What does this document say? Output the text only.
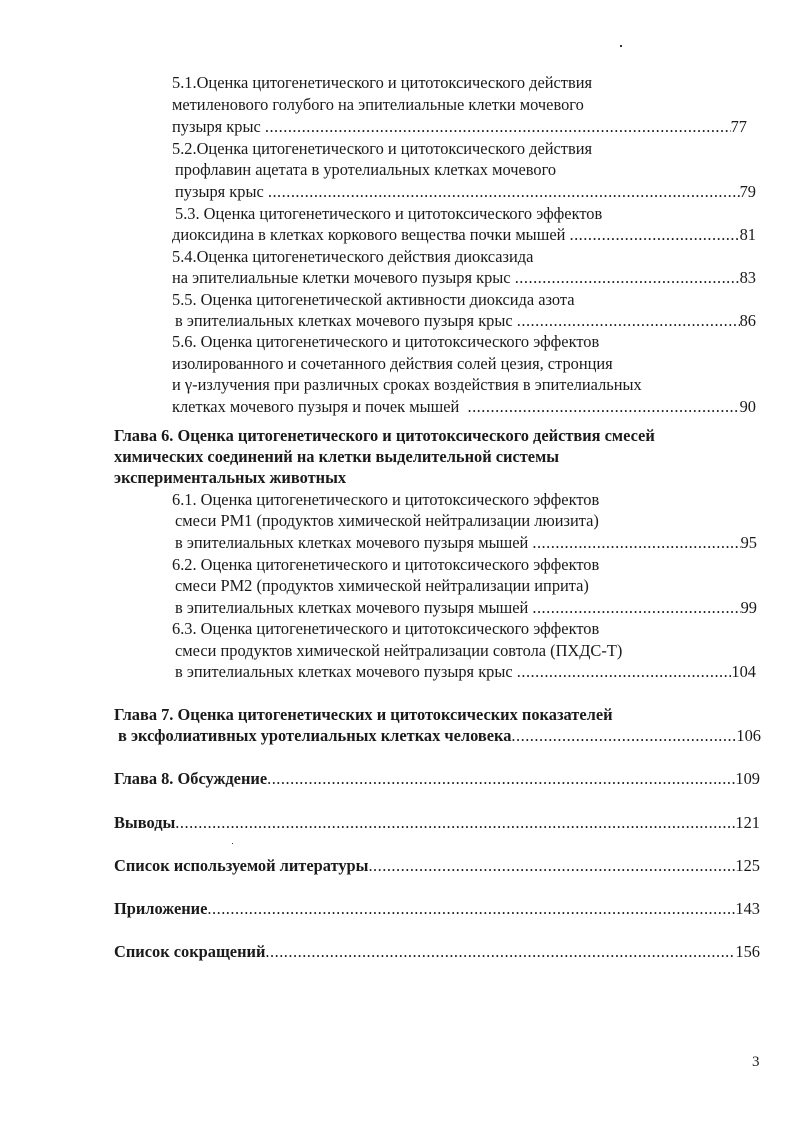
5.1.Оценка цитогенетического и цитотоксического действия
метиленового голубого на эпителиальные клетки мочевого
пузыря крыс .....	77
5.2.Оценка цитогенетического и цитотоксического действия
профлавин ацетата в уротелиальных клетках мочевого
пузыря крыс .....	79
5.3. Оценка цитогенетического и цитотоксического эффектов
диоксидина в клетках коркового вещества почки мышей .....	81
5.4.Оценка цитогенетического действия диоксазида
на эпителиальные клетки мочевого пузыря крыс .....	83
5.5. Оценка цитогенетической активности диоксида азота
в эпителиальных клетках мочевого пузыря крыс .....	86
5.6. Оценка цитогенетического и цитотоксического эффектов
изолированного и сочетанного действия солей цезия, стронция
и γ-излучения при различных сроках воздействия в эпителиальных
клетках мочевого пузыря и почек мышей .....	90
Глава 6. Оценка цитогенетического и цитотоксического действия смесей
химических соединений на клетки выделительной системы
экспериментальных животных
6.1. Оценка цитогенетического и цитотоксического эффектов
смеси РМ1 (продуктов химической нейтрализации люизита)
в эпителиальных клетках мочевого пузыря мышей .....	95
6.2. Оценка цитогенетического и цитотоксического эффектов
смеси РМ2 (продуктов химической нейтрализации иприта)
в эпителиальных клетках мочевого пузыря мышей .....	99
6.3. Оценка цитогенетического и цитотоксического эффектов
смеси продуктов химической нейтрализации совтола (ПХДС-Т)
в эпителиальных клетках мочевого пузыря крыс .....	104
Глава 7. Оценка цитогенетических и цитотоксических показателей
в эксфолиативных уротелиальных клетках человека .....	106
Глава 8. Обсуждение .....	109
Выводы .....	121
Список используемой литературы .....	125
Приложение .....	143
Список сокращений .....	156
3
